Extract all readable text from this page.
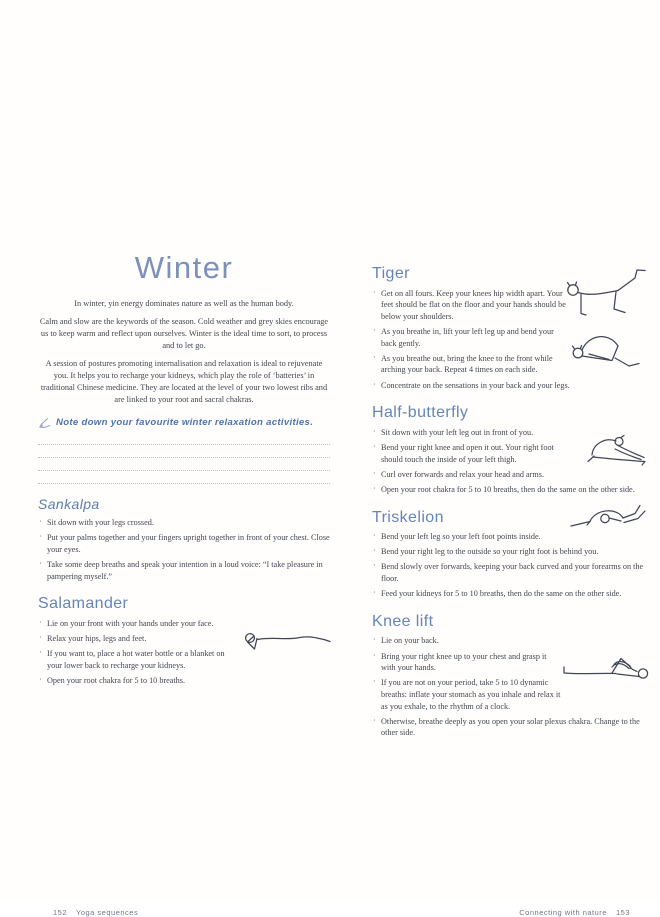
Winter

In winter, yin energy dominates nature as well as the human body.

Calm and slow are the keywords of the season. Cold weather and grey skies encourage us to keep warm and reflect upon ourselves. Winter is the ideal time to sort, to process and to let go.

A session of postures promoting internalisation and relaxation is ideal to rejuvenate you. It helps you to recharge your kidneys, which play the role of ‘batteries’ in traditional Chinese medicine. They are located at the level of your two lowest ribs and are linked to your root and sacral chakras.

Note down your favourite winter relaxation activities.
Sankalpa
· Sit down with your legs crossed.
· Put your palms together and your fingers upright together in front of your chest. Close your eyes.
· Take some deep breaths and speak your intention in a loud voice: “I take pleasure in pampering myself.”
Salamander
· Lie on your front with your hands under your face.
· Relax your hips, legs and feet.
· If you want to, place a hot water bottle or a blanket on your lower back to recharge your kidneys.
· Open your root chakra for 5 to 10 breaths.
152 Yoga sequences
Tiger
· Get on all fours. Keep your knees hip width apart. Your feet should be flat on the floor and your hands should be below your shoulders.
· As you breathe in, lift your left leg up and bend your back gently.
· As you breathe out, bring the knee to the front while arching your back. Repeat 4 times on each side.
· Concentrate on the sensations in your back and your legs.
Half-butterfly
· Sit down with your left leg out in front of you.
· Bend your right knee and open it out. Your right foot should touch the inside of your left thigh.
· Curl over forwards and relax your head and arms.
· Open your root chakra for 5 to 10 breaths, then do the same on the other side.
Triskelion
· Bend your left leg so your left foot points inside.
· Bend your right leg to the outside so your right foot is behind you.
· Bend slowly over forwards, keeping your back curved and your forearms on the floor.
· Feed your kidneys for 5 to 10 breaths, then do the same on the other side.
Knee lift
· Lie on your back.
· Bring your right knee up to your chest and grasp it with your hands.
· If you are not on your period, take 5 to 10 dynamic breaths: inflate your stomach as you inhale and relax it as you exhale, to the rhythm of a clock.
· Otherwise, breathe deeply as you open your solar plexus chakra. Change to the other side.
Connecting with nature 153
